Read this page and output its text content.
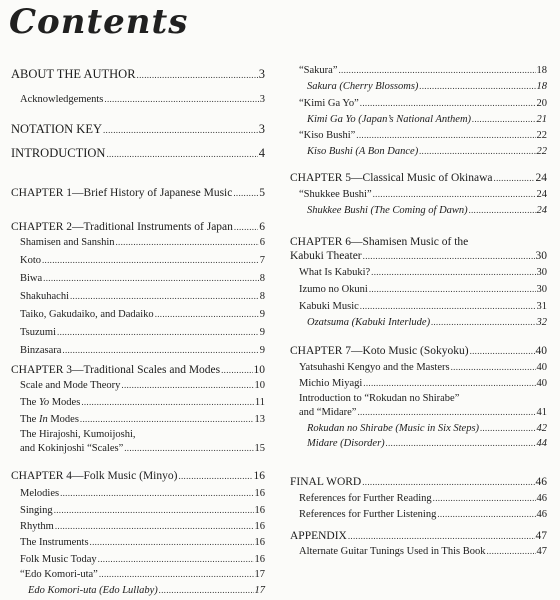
Contents
ABOUT THE AUTHOR .....	3
Acknowledgements .....	3
NOTATION KEY .....	3
INTRODUCTION .....	4
CHAPTER 1—Brief History of Japanese Music ..... 5
CHAPTER 2—Traditional Instruments of Japan ..... 6
Shamisen and Sanshin .....	6
Koto .....	7
Biwa .....	8
Shakuhachi .....	8
Taiko, Gakudaiko, and Dadaiko .....	9
Tsuzumi .....	9
Binzasara .....	9
CHAPTER 3—Traditional Scales and Modes .....	10
Scale and Mode Theory .....	10
The Yo Modes .....	11
The In Modes .....	13
The Hirajoshi, Kumoijoshi,
and Kokinjoshi “Scales” .....	15
CHAPTER 4—Folk Music (Minyo) .....	16
Melodies .....	16
Singing .....	16
Rhythm .....	16
The Instruments .....	16
Folk Music Today .....	16
“Edo Komori-uta” .....	17
Edo Komori-uta (Edo Lullaby) .....	17
“Sakura” .....	18
Sakura (Cherry Blossoms) .....	18
“Kimi Ga Yo” .....	20
Kimi Ga Yo (Japan’s National Anthem) .....	21
“Kiso Bushi” .....	22
Kiso Bushi (A Bon Dance) .....	22
CHAPTER 5—Classical Music of Okinawa .....	24
“Shukkee Bushi” .....	24
Shukkee Bushi (The Coming of Dawn) .....	24
CHAPTER 6—Shamisen Music of the
Kabuki Theater .....	30
What Is Kabuki? .....	30
Izumo no Okuni .....	30
Kabuki Music .....	31
Ozatsuma (Kabuki Interlude) .....	32
CHAPTER 7—Koto Music (Sokyoku) .....	40
Yatsuhashi Kengyo and the Masters .....	40
Michio Miyagi .....	40
Introduction to “Rokudan no Shirabe”
and “Midare” .....	41
Rokudan no Shirabe (Music in Six Steps) .....	42
Midare (Disorder) .....	44
FINAL WORD .....	46
References for Further Reading .....	46
References for Further Listening .....	46
APPENDIX .....	47
Alternate Guitar Tunings Used in This Book .....	47
